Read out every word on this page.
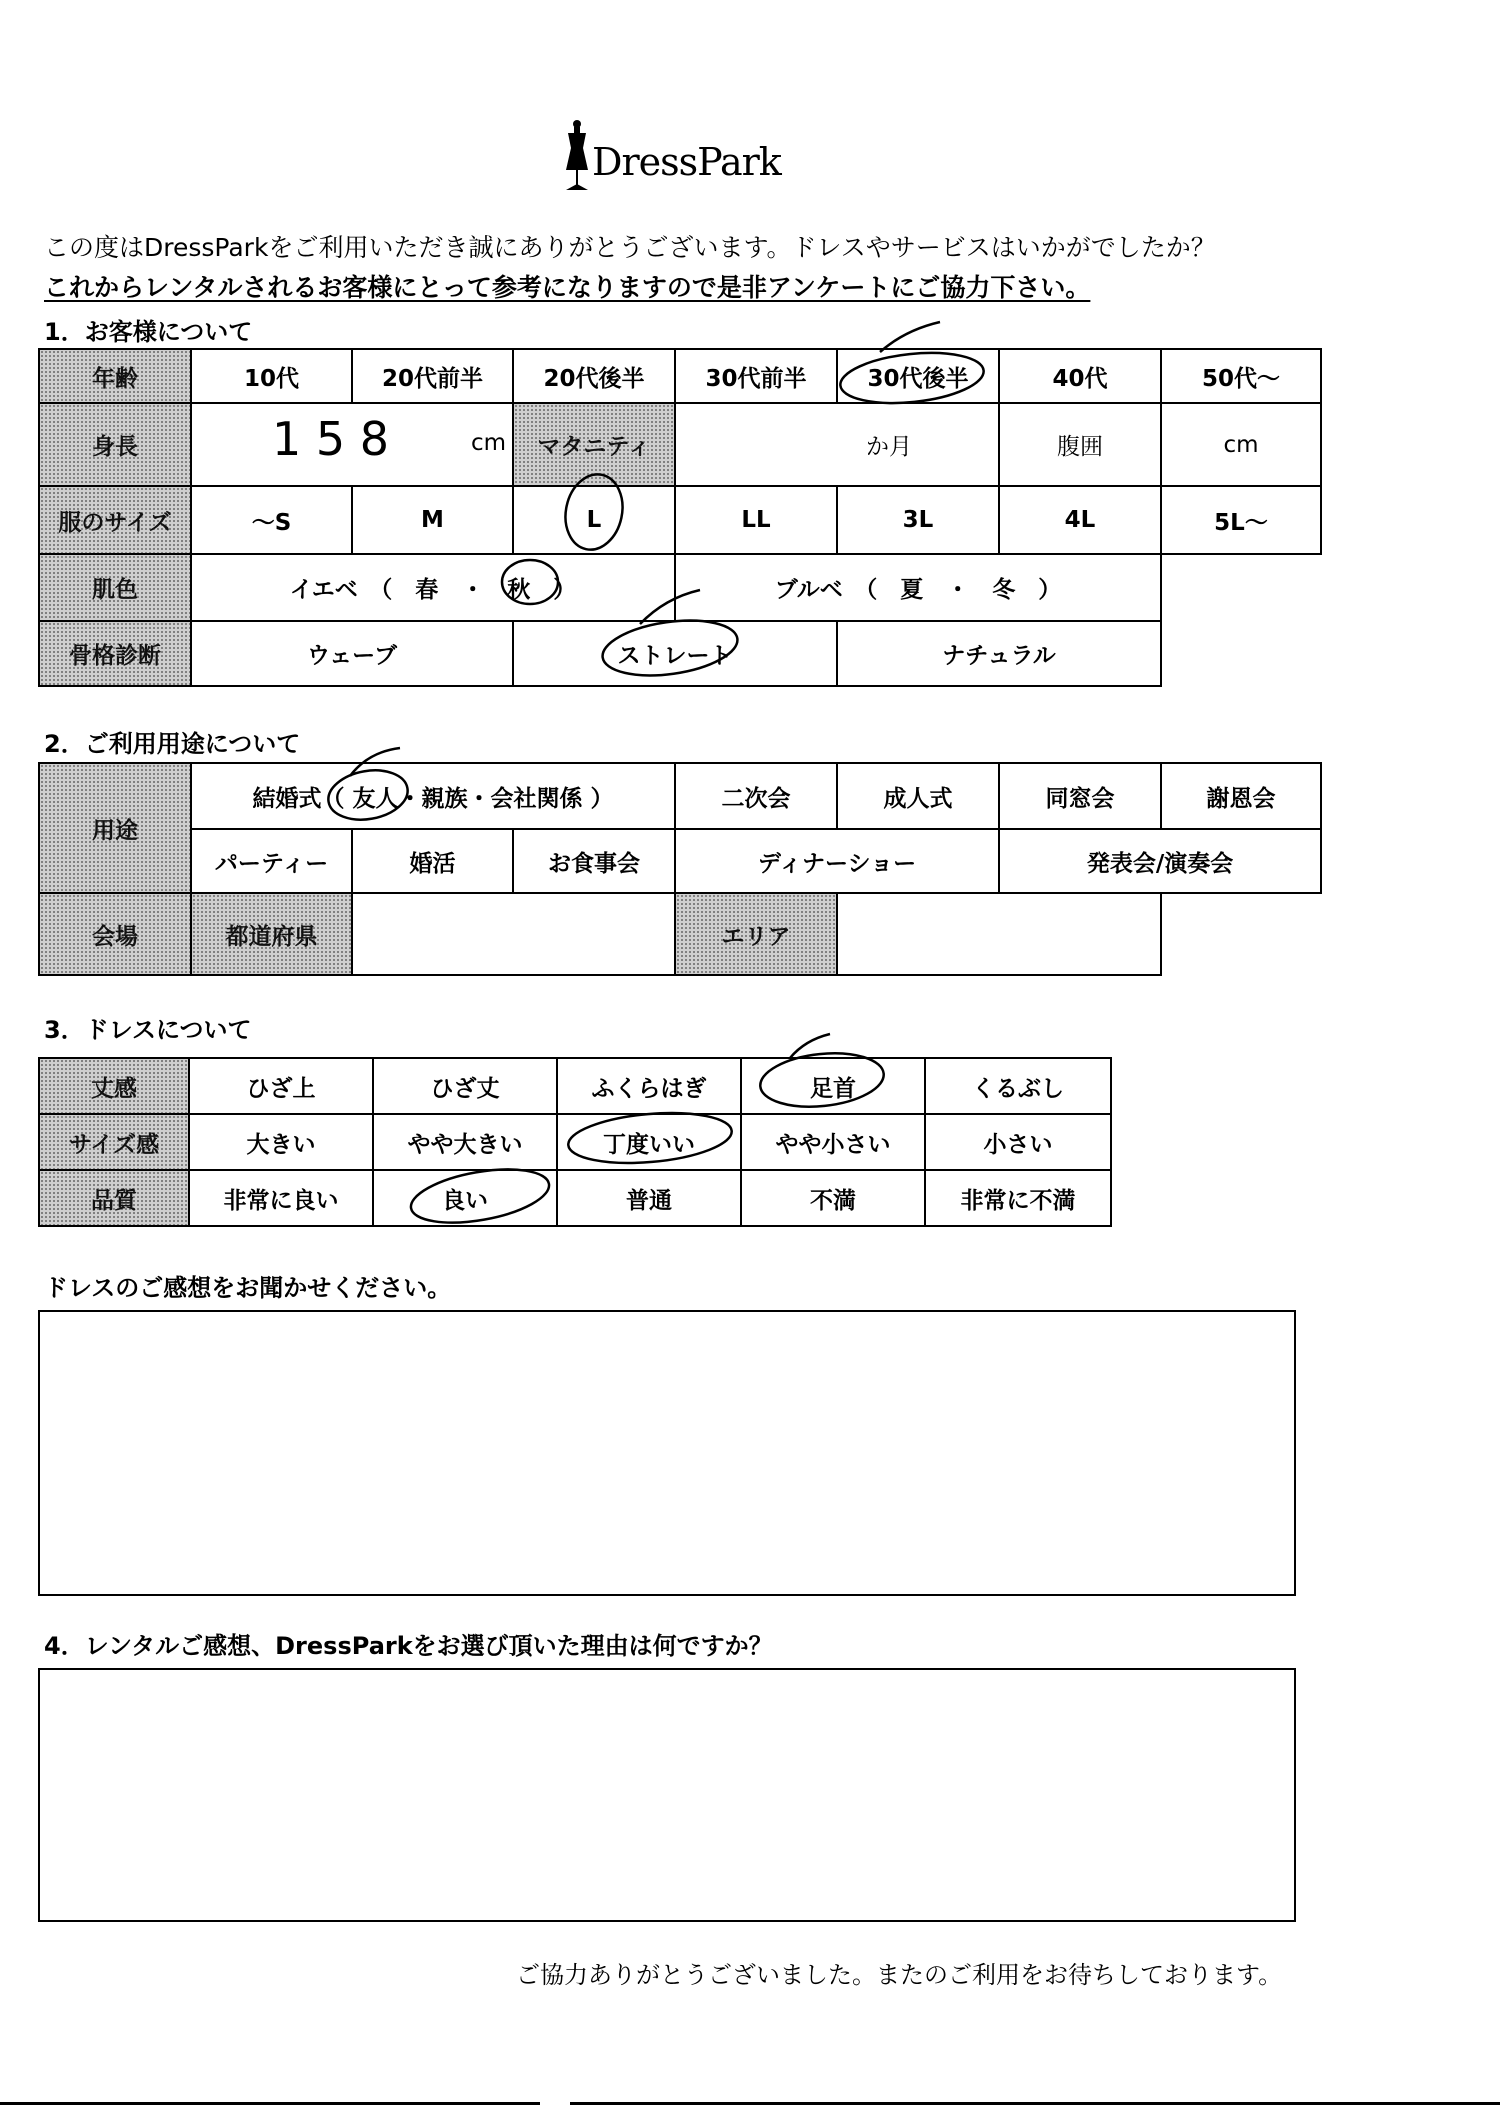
DressPark
この度はDressParkをご利用いただき誠にありがとうございます。ドレスやサービスはいかがでしたか？
これからレンタルされるお客様にとって参考になりますので是非アンケートにご協力下さい。
1．お客様について
年齢	10代	20代前半	20代後半	30代前半	30代後半	40代	50代〜
身長	1 5 8 cm		マタニティ	か月		腹囲	cm
服のサイズ	〜S	M	L	LL	3L	4L	5L〜
肌色	イエベ　（　春　・　秋　）			ブルベ　（　夏　・　冬　）			
骨格診断	ウェーブ		ストレート		ナチュラル		
2．ご利用用途について
用途	結婚式（ 友人・親族・会社関係 ）			二次会	成人式	同窓会	謝恩会
	パーティー	婚活	お食事会	ディナーショー		発表会/演奏会	
会場	都道府県			エリア			
3．ドレスについて
丈感	ひざ上	ひざ丈	ふくらはぎ	足首	くるぶし
サイズ感	大きい	やや大きい	丁度いい	やや小さい	小さい
品質	非常に良い	良い	普通	不満	非常に不満
ドレスのご感想をお聞かせください。
4．レンタルご感想、DressParkをお選び頂いた理由は何ですか？
ご協力ありがとうございました。またのご利用をお待ちしております。
